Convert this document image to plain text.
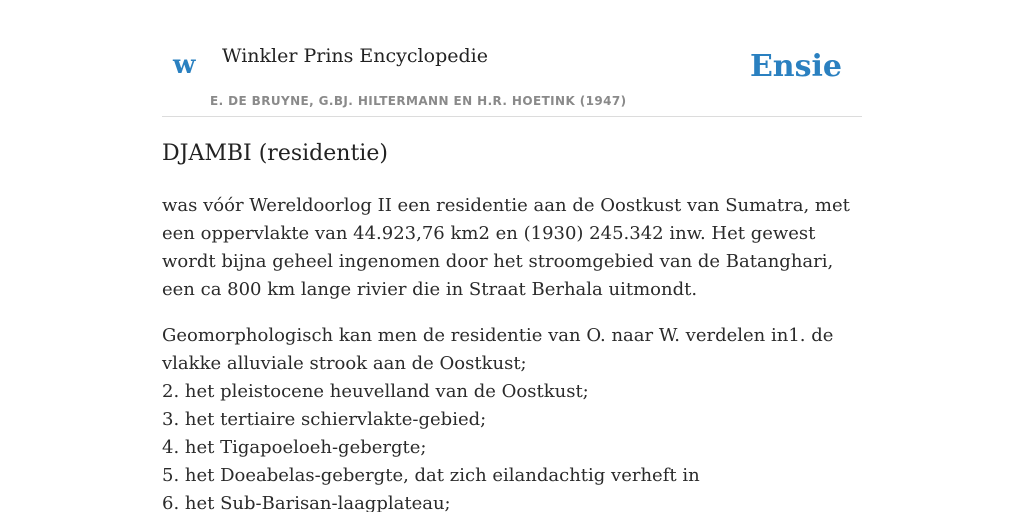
w Winkler Prins Encyclopedie
E. DE BRUYNE, G.BJ. HILTERMANN EN H.R. HOETINK (1947)
Ensie
DJAMBI (residentie)

was vóór Wereldoorlog II een residentie aan de Oostkust van Sumatra, met een oppervlakte van 44.923,76 km2 en (1930) 245.342 inw. Het gewest wordt bijna geheel ingenomen door het stroomgebied van de Batanghari, een ca 800 km lange rivier die in Straat Berhala uitmondt.

Geomorphologisch kan men de residentie van O. naar W. verdelen in1. de vlakke alluviale strook aan de Oostkust;
2. het pleistocene heuvelland van de Oostkust;
3. het tertiaire schiervlakte-gebied;
4. het Tigapoeloeh-gebergte;
5. het Doeabelas-gebergte, dat zich eilandachtig verheft in
6. het Sub-Barisan-laagplateau;
